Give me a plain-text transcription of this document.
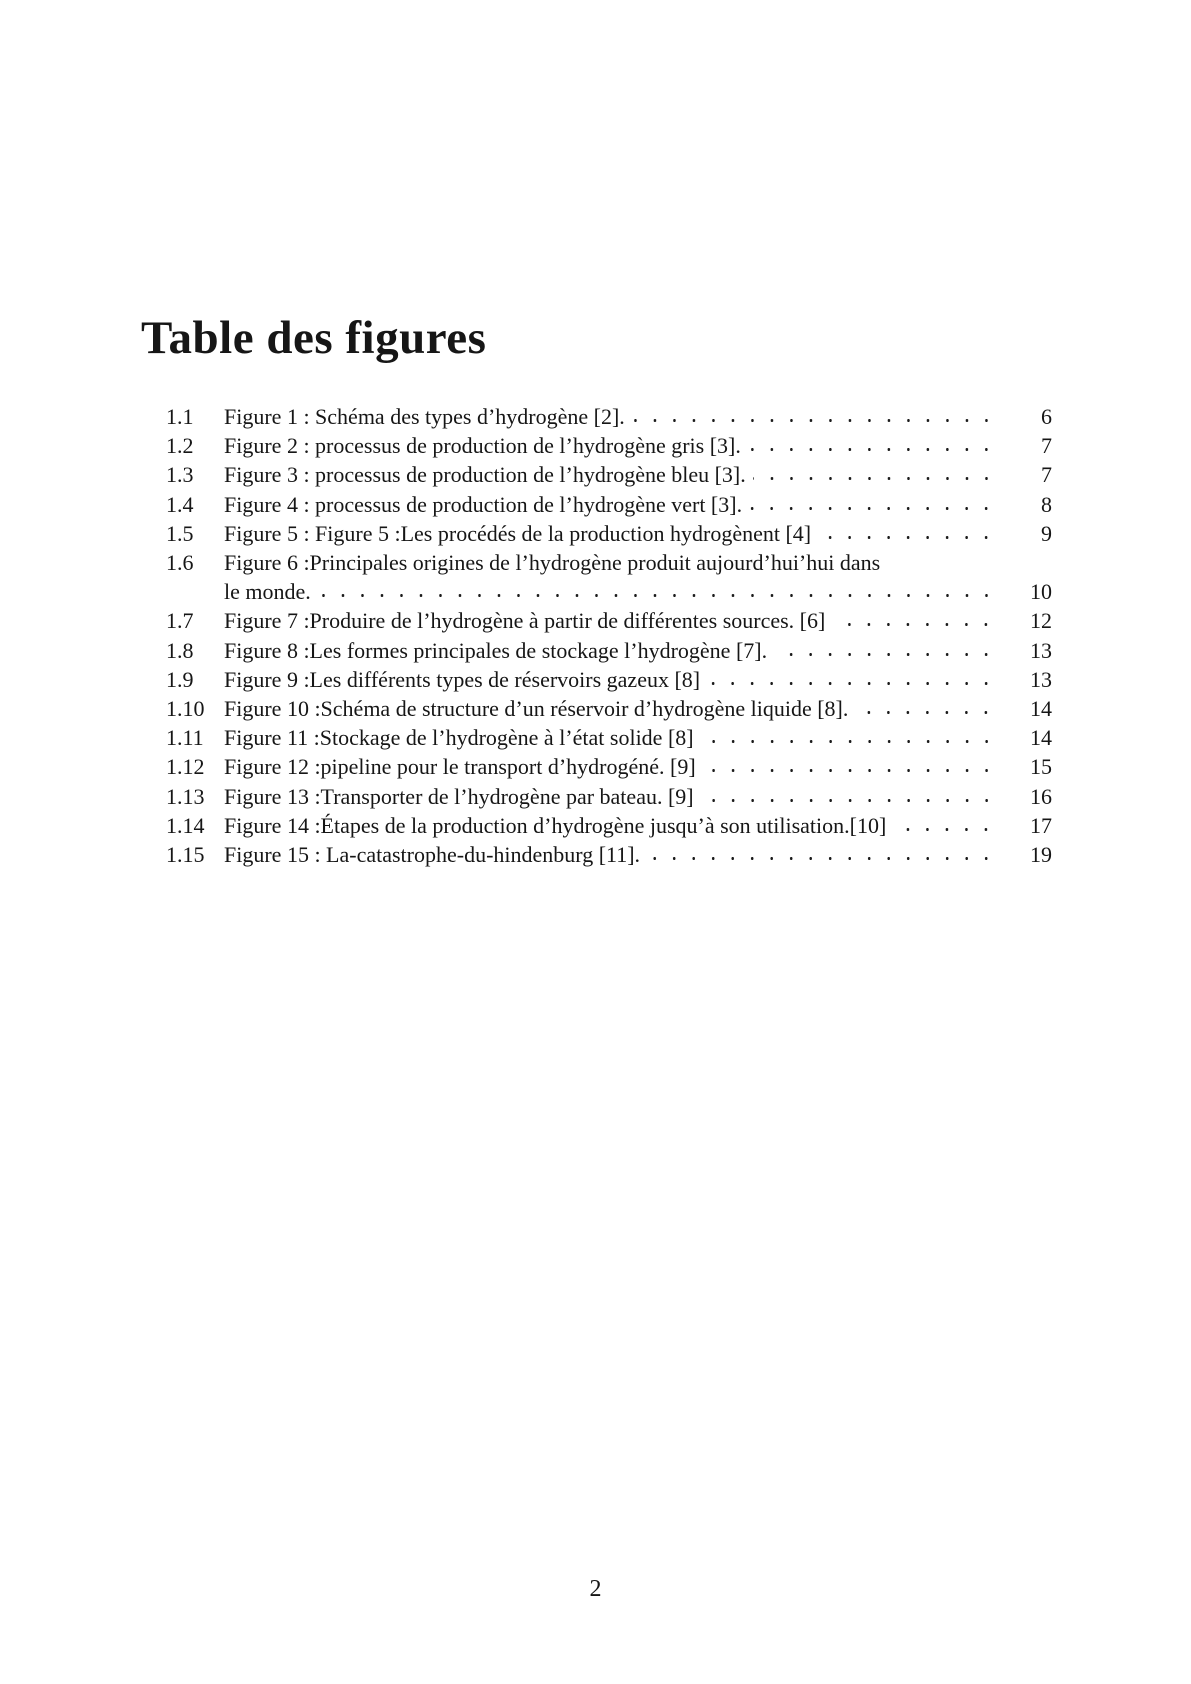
Table des figures
1.1	Figure 1 : Schéma des types d’hydrogène [2].	6
1.2	Figure 2 : processus de production de l’hydrogène gris [3].	7
1.3	Figure 3 : processus de production de l’hydrogène bleu [3].	7
1.4	Figure 4 : processus de production de l’hydrogène vert [3].	8
1.5	Figure 5 : Figure 5 :Les procédés de la production hydrogènent [4]	9
1.6	Figure 6 :Principales origines de l’hydrogène produit aujourd’hui’hui dans
le monde.	10
1.7	Figure 7 :Produire de l’hydrogène à partir de différentes sources. [6]	12
1.8	Figure 8 :Les formes principales de stockage l’hydrogène [7].	13
1.9	Figure 9 :Les différents types de réservoirs gazeux [8]	13
1.10 Figure 10 :Schéma de structure d’un réservoir d’hydrogène liquide [8].	14
1.11 Figure 11 :Stockage de l’hydrogène à l’état solide [8]	14
1.12 Figure 12 :pipeline pour le transport d’hydrogéné. [9]	15
1.13 Figure 13 :Transporter de l’hydrogène par bateau. [9]	16
1.14 Figure 14 :Étapes de la production d’hydrogène jusqu’à son utilisation.[10]	17
1.15 Figure 15 : La-catastrophe-du-hindenburg [11].	19
2
